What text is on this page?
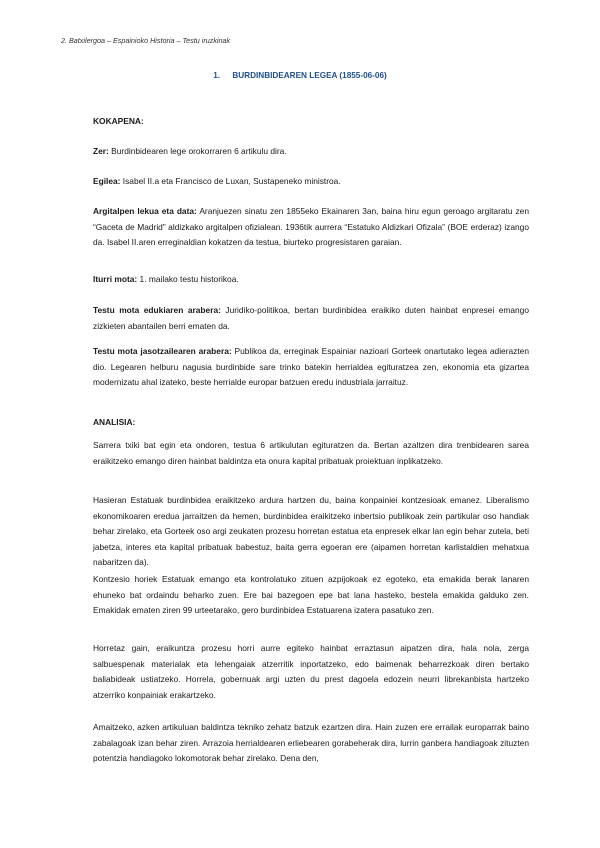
2. Batxilergoa – Espainioko Historia – Testu iruzkinak
1. BURDINBIDEAREN LEGEA (1855-06-06)
KOKAPENA:
Zer: Burdinbidearen lege orokorraren 6 artikulu dira.
Egilea: Isabel II.a eta Francisco de Luxan, Sustapeneko ministroa.
Argitalpen lekua eta data: Aranjuezen sinatu zen 1855eko Ekainaren 3an, baina hiru egun geroago argitaratu zen “Gaceta de Madrid” aldizkako argitalpen ofizialean. 1936tik aurrera “Estatuko Aldizkari Ofizala” (BOE erderaz) izango da. Isabel II.aren erreginaldian kokatzen da testua, biurteko progresistaren garaian.
Iturri mota: 1. mailako testu historikoa.
Testu mota edukiaren arabera: Juridiko-politikoa, bertan burdinbidea eraikiko duten hainbat enpresei emango zizkieten abantailen berri ematen da.
Testu mota jasotzailearen arabera: Publikoa da, erreginak Espainiar nazioari Gorteek onartutako legea adierazten dio. Legearen helburu nagusia burdinbide sare trinko batekin herrialdea egituratzea zen, ekonomia eta gizartea modernizatu ahal izateko, beste herrialde europar batzuen eredu industriala jarraituz.
ANALISIA:
Sarrera txiki bat egin eta ondoren, testua 6 artikulutan egituratzen da. Bertan azaltzen dira trenbidearen sarea eraikitzeko emango diren hainbat baldintza eta onura kapital pribatuak proiektuan inplikatzeko.
Hasieran Estatuak burdinbidea eraikitzeko ardura hartzen du, baina konpainiei kontzesioak emanez. Liberalismo ekonomikoaren eredua jarraitzen da hemen, burdinbidea eraikitzeko inbertsio publikoak zein partikular oso handiak behar zirelako, eta Gorteek oso argi zeukaten prozesu horretan estatua eta enpresek elkar lan egin behar zutela, beti jabetza, interes eta kapital pribatuak babestuz, baita gerra egoeran ere (aipamen horretan karlistaldien mehatxua nabaritzen da).
Kontzesio horiek Estatuak emango eta kontrolatuko zituen azpijokoak ez egoteko, eta emakida berak lanaren ehuneko bat ordaindu beharko zuen. Ere bai bazegoen epe bat lana hasteko, bestela emakida galduko zen. Emakidak ematen ziren 99 urteetarako, gero burdinbidea Estatuarena izatera pasatuko zen.
Horretaz gain, eraikuntza prozesu horri aurre egiteko hainbat erraztasun aipatzen dira, hala nola, zerga salbuespenak materialak eta lehengaiak atzerritik inportatzeko, edo baimenak beharrezkoak diren bertako baliabideak ustiatzeko. Horrela, gobernuak argi uzten du prest dagoela edozein neurri librekanbista hartzeko atzerriko konpainiak erakartzeko.
Amaitzeko, azken artikuluan baldintza tekniko zehatz batzuk ezartzen dira. Hain zuzen ere errailak europarrak baino zabalagoak izan behar ziren. Arrazoia herrialdearen erliebearen gorabeherak dira, lurrin ganbera handiagoak zituzten potentzia handiagoko lokomotorak behar zirelako. Dena den,
